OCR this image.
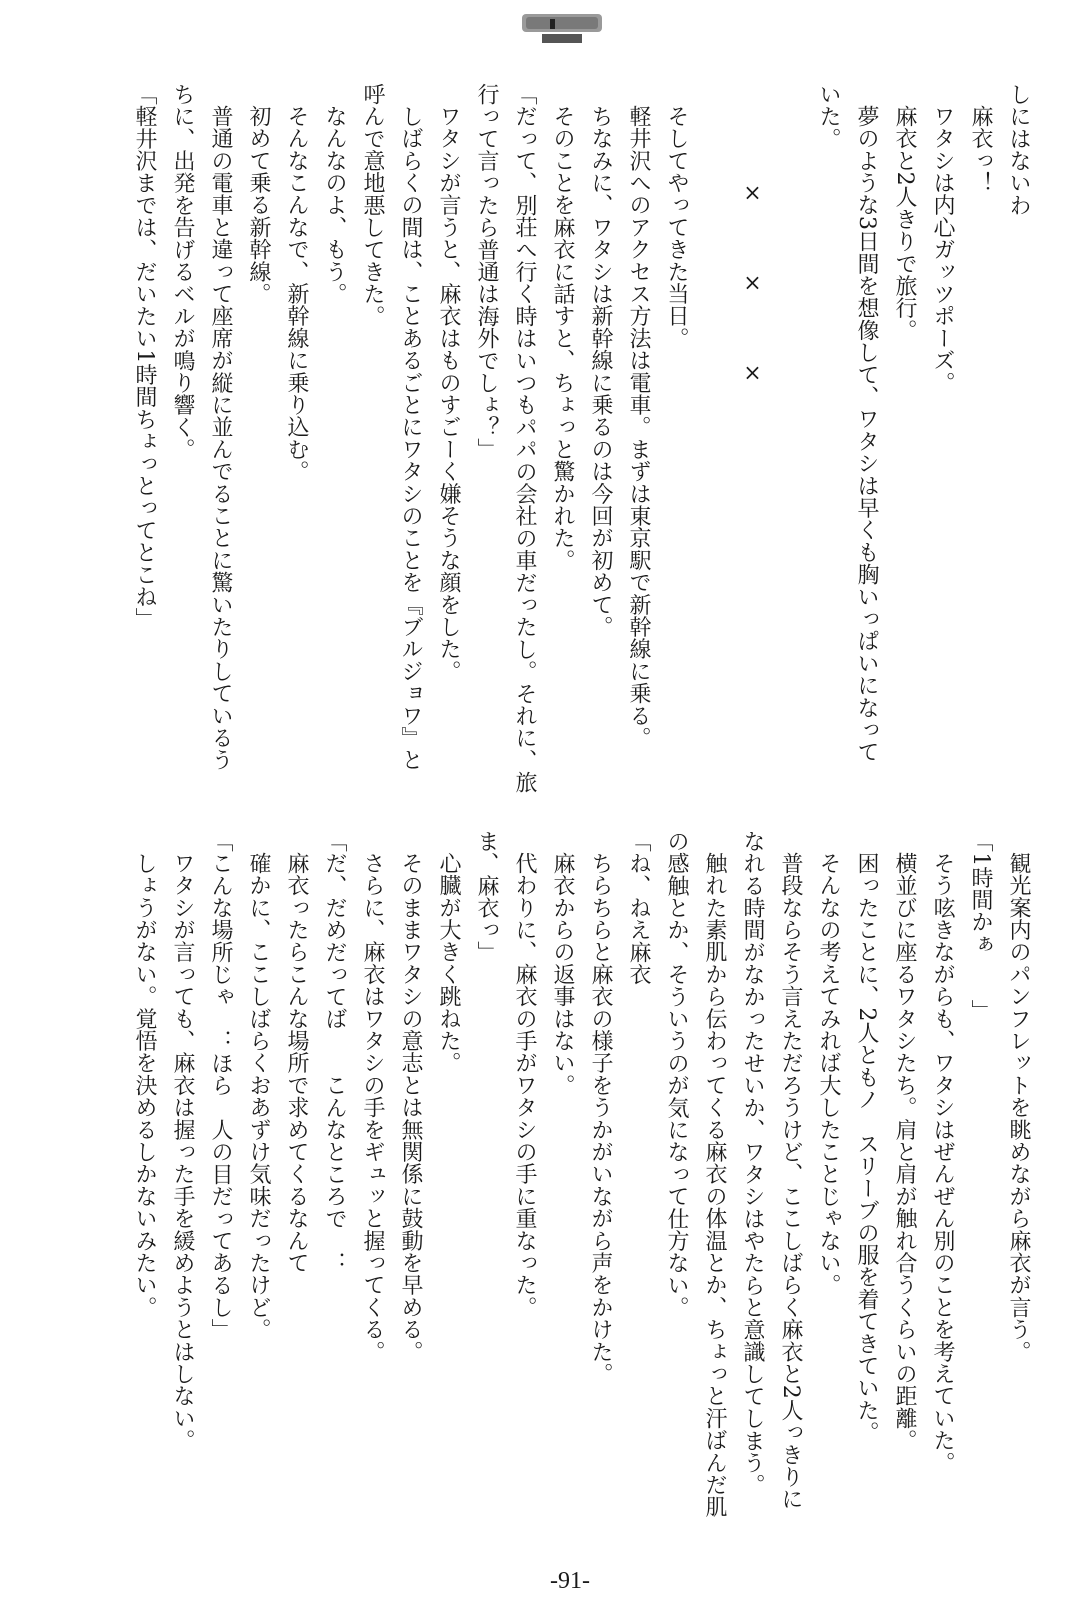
しにはないわ
麻衣っ！
ワタシは内心ガッツポーズ。
麻衣と2人きりで旅行。
夢のような3日間を想像して、ワタシは早くも胸いっぱいになって
いた。
×××
そしてやってきた当日。
軽井沢へのアクセス方法は電車。まずは東京駅で新幹線に乗る。
ちなみに、ワタシは新幹線に乗るのは今回が初めて。
そのことを麻衣に話すと、ちょっと驚かれた。
「だって、別荘へ行く時はいつもパパの会社の車だったし。それに、旅
行って言ったら普通は海外でしょ？」
ワタシが言うと、麻衣はものすごーく嫌そうな顔をした。
しばらくの間は、ことあるごとにワタシのことを『ブルジョワ』と
呼んで意地悪してきた。
なんなのよ、もう。
そんなこんなで、新幹線に乗り込む。
初めて乗る新幹線。
普通の電車と違って座席が縦に並んでることに驚いたりしているう
ちに、出発を告げるベルが鳴り響く。
「軽井沢までは、だいたい1時間ちょっとってとこね」
観光案内のパンフレットを眺めながら麻衣が言う。
「1時間かぁ　　」
そう呟きながらも、ワタシはぜんぜん別のことを考えていた。
横並びに座るワタシたち。肩と肩が触れ合うくらいの距離。
困ったことに、2人ともノ　スリーブの服を着てきていた。
そんなの考えてみれば大したことじゃない。
普段ならそう言えただろうけど、ここしばらく麻衣と2人っきりに
なれる時間がなかったせいか、ワタシはやたらと意識してしまう。
触れた素肌から伝わってくる麻衣の体温とか、ちょっと汗ばんだ肌
の感触とか、そういうのが気になって仕方ない。
「ね、ねえ麻衣
ちらちらと麻衣の様子をうかがいながら声をかけた。
麻衣からの返事はない。
代わりに、麻衣の手がワタシの手に重なった。
ま、麻衣っ」
心臓が大きく跳ねた。
そのままワタシの意志とは無関係に鼓動を早める。
さらに、麻衣はワタシの手をギュッと握ってくる。
「だ、だめだってば　　こんなところで　：
麻衣ったらこんな場所で求めてくるなんて
確かに、ここしばらくおあずけ気味だったけど。
「こんな場所じゃ　：ほら　人の目だってあるし」
ワタシが言っても、麻衣は握った手を緩めようとはしない。
しょうがない。覚悟を決めるしかないみたい。
-91-
